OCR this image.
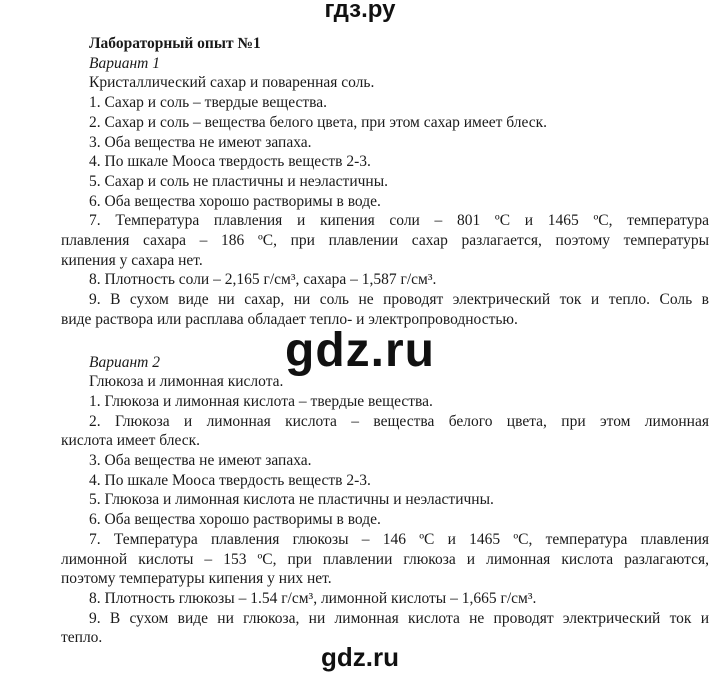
гдз.ру

Лабораторный опыт №1

Вариант 1

Кристаллический сахар и поваренная соль.

1. Сахар и соль – твердые вещества.

2. Сахар и соль – вещества белого цвета, при этом сахар имеет блеск.

3. Оба вещества не имеют запаха.

4. По шкале Мооса твердость веществ 2-3.

5. Сахар и соль не пластичны и неэластичны.

6. Оба вещества хорошо растворимы в воде.

7. Температура плавления и кипения соли – 801 ºС и 1465 ºС, температура
плавления сахара – 186 ºС, при плавлении сахар разлагается, поэтому температуры

кипения у сахара нет.

8. Плотность соли – 2,165 г/см³, сахара – 1,587 г/см³.

9. В сухом виде ни сахар, ни соль не проводят электрический ток и тепло. Соль в

виде раствора или расплава обладает тепло- и электропроводностью.

Вариант 2

Глюкоза и лимонная кислота.

1. Глюкоза и лимонная кислота – твердые вещества.

2. Глюкоза и лимонная кислота – вещества белого цвета, при этом лимонная

кислота имеет блеск.

3. Оба вещества не имеют запаха.

4. По шкале Мооса твердость веществ 2-3.

5. Глюкоза и лимонная кислота не пластичны и неэластичны.

6. Оба вещества хорошо растворимы в воде.

7. Температура плавления глюкозы – 146 ºС и 1465 ºС, температура плавления
лимонной кислоты – 153 ºС, при плавлении глюкоза и лимонная кислота разлагаются,

поэтому температуры кипения у них нет.

8. Плотность глюкозы – 1.54 г/см³, лимонной кислоты – 1,665 г/см³.

9. В сухом виде ни глюкоза, ни лимонная кислота не проводят электрический ток и

тепло.

gdz.ru
gdz.ru
